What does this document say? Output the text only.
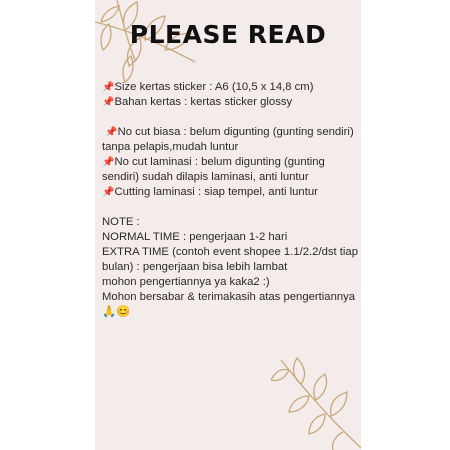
PLEASE READ
📌Size kertas sticker : A6 (10,5 x 14,8 cm)
📌Bahan kertas : kertas sticker glossy
📌No cut biasa : belum digunting (gunting sendiri) tanpa pelapis,mudah luntur
📌No cut laminasi : belum digunting (gunting sendiri) sudah dilapis laminasi, anti luntur
📌Cutting laminasi : siap tempel, anti luntur
NOTE :
NORMAL TIME : pengerjaan 1-2 hari
EXTRA TIME (contoh event shopee 1.1/2.2/dst tiap bulan) : pengerjaan bisa lebih lambat
mohon pengertiannya ya kaka2 :)
Mohon bersabar & terimakasih atas pengertiannya🙏😊
